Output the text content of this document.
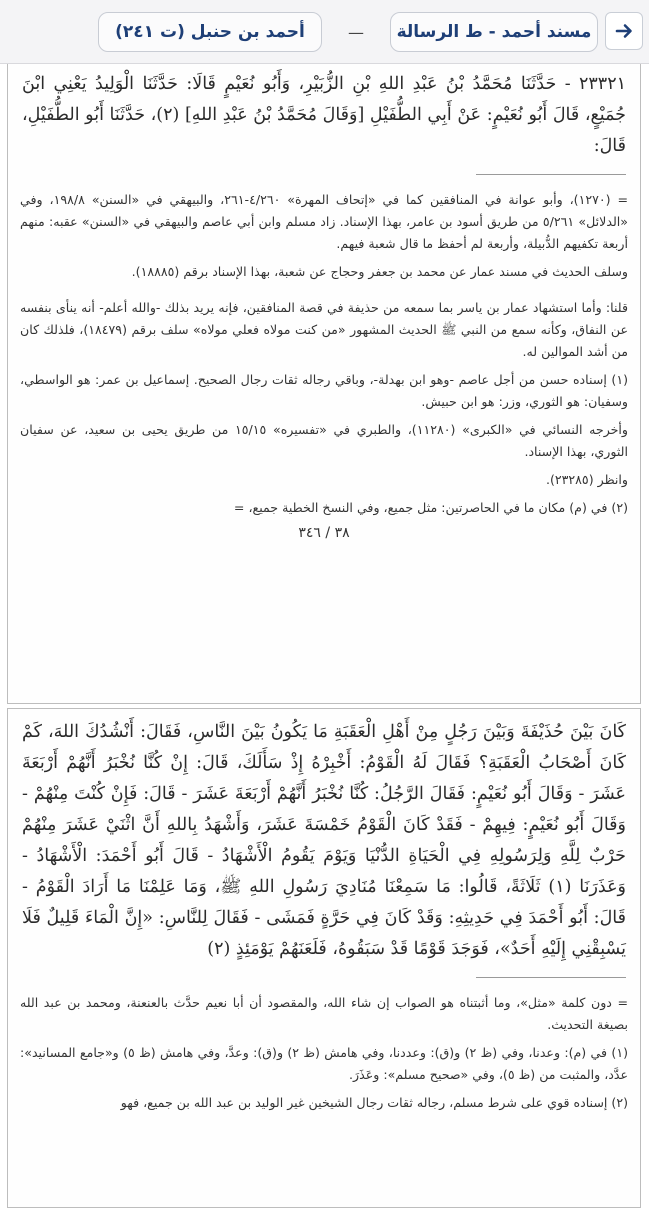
مسند أحمد - ط الرسالة
—
أحمد بن حنبل (ت ٢٤١)
٢٣٣٢١ - حَدَّثَنَا مُحَمَّدُ بْنُ عَبْدِ اللهِ بْنِ الزُّبَيْرِ، وَأَبُو نُعَيْمٍ قَالَا: حَدَّثَنَا الْوَلِيدُ يَعْنِي ابْنَ جُمَيْعٍ، قَالَ أَبُو نُعَيْمٍ: عَنْ أَبِي الطُّفَيْلِ [وَقَالَ مُحَمَّدُ بْنُ عَبْدِ اللهِ] (٢)، حَدَّثَنَا أَبُو الطُّفَيْلِ، قَالَ:

= (١٢٧٠)، وأبو عوانة في المنافقين كما في «إتحاف المهرة» ٤/٢٦٠-٢٦١، والبيهقي في «السنن» ١٩٨/٨، وفي «الدلائل» ٥/٢٦١ من طريق أسود بن عامر، بهذا الإسناد. زاد مسلم وابن أبي عاصم والبيهقي في «السنن» عقبه: منهم أربعة تكفيهم الدُّبيلة، وأربعة لم أحفظ ما قال شعبة فيهم.

وسلف الحديث في مسند عمار عن محمد بن جعفر وحجاج عن شعبة، بهذا الإسناد برقم (١٨٨٨٥).

قلنا: وأما استشهاد عمار بن ياسر بما سمعه من حذيفة في قصة المنافقين، فإنه يريد بذلك -والله أعلم- أنه ينأى بنفسه عن النفاق، وكأنه سمع من النبي ﷺ الحديث المشهور «من كنت مولاه فعلي مولاه» سلف برقم (١٨٤٧٩)، فلذلك كان من أشد الموالين له.

(١) إسناده حسن من أجل عاصم -وهو ابن بهدلة-، وباقي رجاله ثقات رجال الصحيح. إسماعيل بن عمر: هو الواسطي، وسفيان: هو الثوري، وزر: هو ابن حبيش.

وأخرجه النسائي في «الكبرى» (١١٢٨٠)، والطبري في «تفسيره» ١٥/١٥ من طريق يحيى بن سعيد، عن سفيان الثوري، بهذا الإسناد.

وانظر (٢٣٢٨٥).

(٢) في (م) مكان ما في الحاصرتين: مثل جميع، وفي النسخ الخطية جميع، =

٣٨ / ٣٤٦
كَانَ بَيْنَ حُذَيْفَةَ وَبَيْنَ رَجُلٍ مِنْ أَهْلِ الْعَقَبَةِ مَا يَكُونُ بَيْنَ النَّاسِ، فَقَالَ: أَنْشُدُكَ اللهَ، كَمْ كَانَ أَصْحَابُ الْعَقَبَةِ؟ فَقَالَ لَهُ الْقَوْمُ: أَخْبِرْهُ إِذْ سَأَلَكَ، قَالَ: إِنْ كُنَّا نُخْبَرُ أَنَّهُمْ أَرْبَعَةَ عَشَرَ - وَقَالَ أَبُو نُعَيْمٍ: فَقَالَ الرَّجُلُ: كُنَّا نُخْبَرُ أَنَّهُمْ أَرْبَعَةَ عَشَرَ - قَالَ: فَإِنْ كُنْتَ مِنْهُمْ - وَقَالَ أَبُو نُعَيْمٍ: فِيهِمْ - فَقَدْ كَانَ الْقَوْمُ خَمْسَةَ عَشَرَ، وَأَشْهَدُ بِاللهِ أَنَّ اثْنَيْ عَشَرَ مِنْهُمْ حَرْبٌ لِلَّهِ وَلِرَسُولِهِ فِي الْحَيَاةِ الدُّنْيَا وَيَوْمَ يَقُومُ الْأَشْهَادُ - قَالَ أَبُو أَحْمَدَ: الْأَشْهَادُ - وَعَذَرَنَا (١) ثَلَاثَةً، قَالُوا: مَا سَمِعْنَا مُنَادِيَ رَسُولِ اللهِ ﷺ، وَمَا عَلِمْنَا مَا أَرَادَ الْقَوْمُ - قَالَ: أَبُو أَحْمَدَ فِي حَدِيثِهِ: وَقَدْ كَانَ فِي حَرَّةٍ فَمَشَى - فَقَالَ لِلنَّاسِ: «إِنَّ الْمَاءَ قَلِيلٌ فَلَا يَسْبِقْنِي إِلَيْهِ أَحَدٌ»، فَوَجَدَ قَوْمًا قَدْ سَبَقُوهُ، فَلَعَنَهُمْ يَوْمَئِذٍ (٢)

= دون كلمة «مثل»، وما أثبتناه هو الصواب إن شاء الله، والمقصود أن أبا نعيم حدَّث بالعنعنة، ومحمد بن عبد الله بصيغة التحديث.

(١) في (م): وعدنا، وفي (ظ ٢) و(ق): وعددنا، وفي هامش (ظ ٢) و(ق): وعدَّ، وفي هامش (ظ ٥) و«جامع المسانيد»: عدَّد، والمثبت من (ظ ٥)، وفي «صحيح مسلم»: وعَذَرَ.

(٢) إسناده قوي على شرط مسلم، رجاله ثقات رجال الشيخين غير الوليد بن عبد الله بن جميع، فهو
